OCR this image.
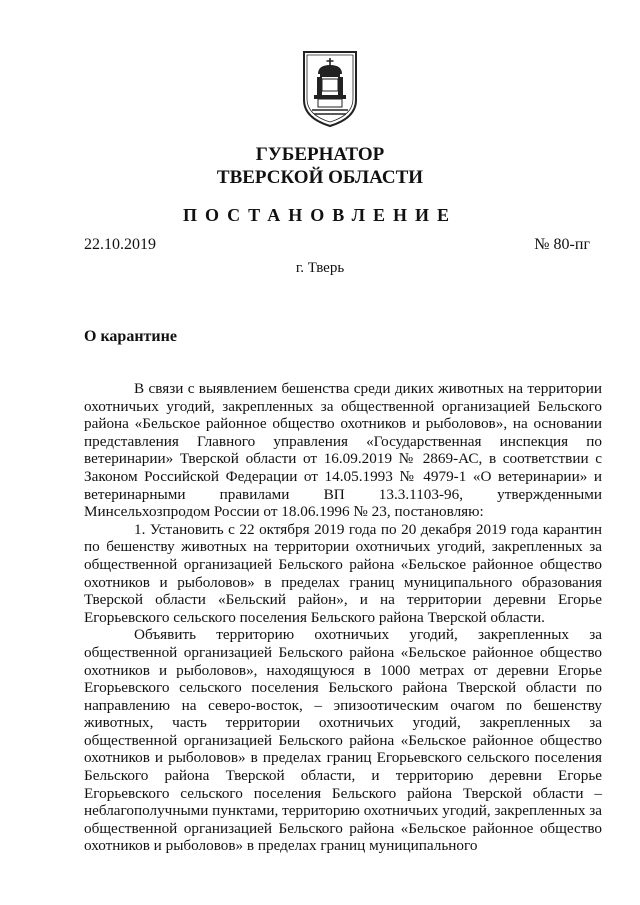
ГУБЕРНАТОР
ТВЕРСКОЙ ОБЛАСТИ
ПОСТАНОВЛЕНИЕ
22.10.2019	№ 80-пг
г. Тверь
О карантине

В связи с выявлением бешенства среди диких животных на территории охотничьих угодий, закрепленных за общественной организацией Бельского района «Бельское районное общество охотников и рыболовов», на основании представления Главного управления «Государственная инспекция по ветеринарии» Тверской области от 16.09.2019 № 2869-АС, в соответствии с Законом Российской Федерации от 14.05.1993 № 4979-1 «О ветеринарии» и ветеринарными правилами ВП 13.3.1103-96, утвержденными Минсельхозпродом России от 18.06.1996 № 23, постановляю:

1. Установить с 22 октября 2019 года по 20 декабря 2019 года карантин по бешенству животных на территории охотничьих угодий, закрепленных за общественной организацией Бельского района «Бельское районное общество охотников и рыболовов» в пределах границ муниципального образования Тверской области «Бельский район», и на территории деревни Егорье Егорьевского сельского поселения Бельского района Тверской области.

Объявить территорию охотничьих угодий, закрепленных за общественной организацией Бельского района «Бельское районное общество охотников и рыболовов», находящуюся в 1000 метрах от деревни Егорье Егорьевского сельского поселения Бельского района Тверской области по направлению на северо-восток, – эпизоотическим очагом по бешенству животных, часть территории охотничьих угодий, закрепленных за общественной организацией Бельского района «Бельское районное общество охотников и рыболовов» в пределах границ Егорьевского сельского поселения Бельского района Тверской области, и территорию деревни Егорье Егорьевского сельского поселения Бельского района Тверской области – неблагополучными пунктами, территорию охотничьих угодий, закрепленных за общественной организацией Бельского района «Бельское районное общество охотников и рыболовов» в пределах границ муниципального
